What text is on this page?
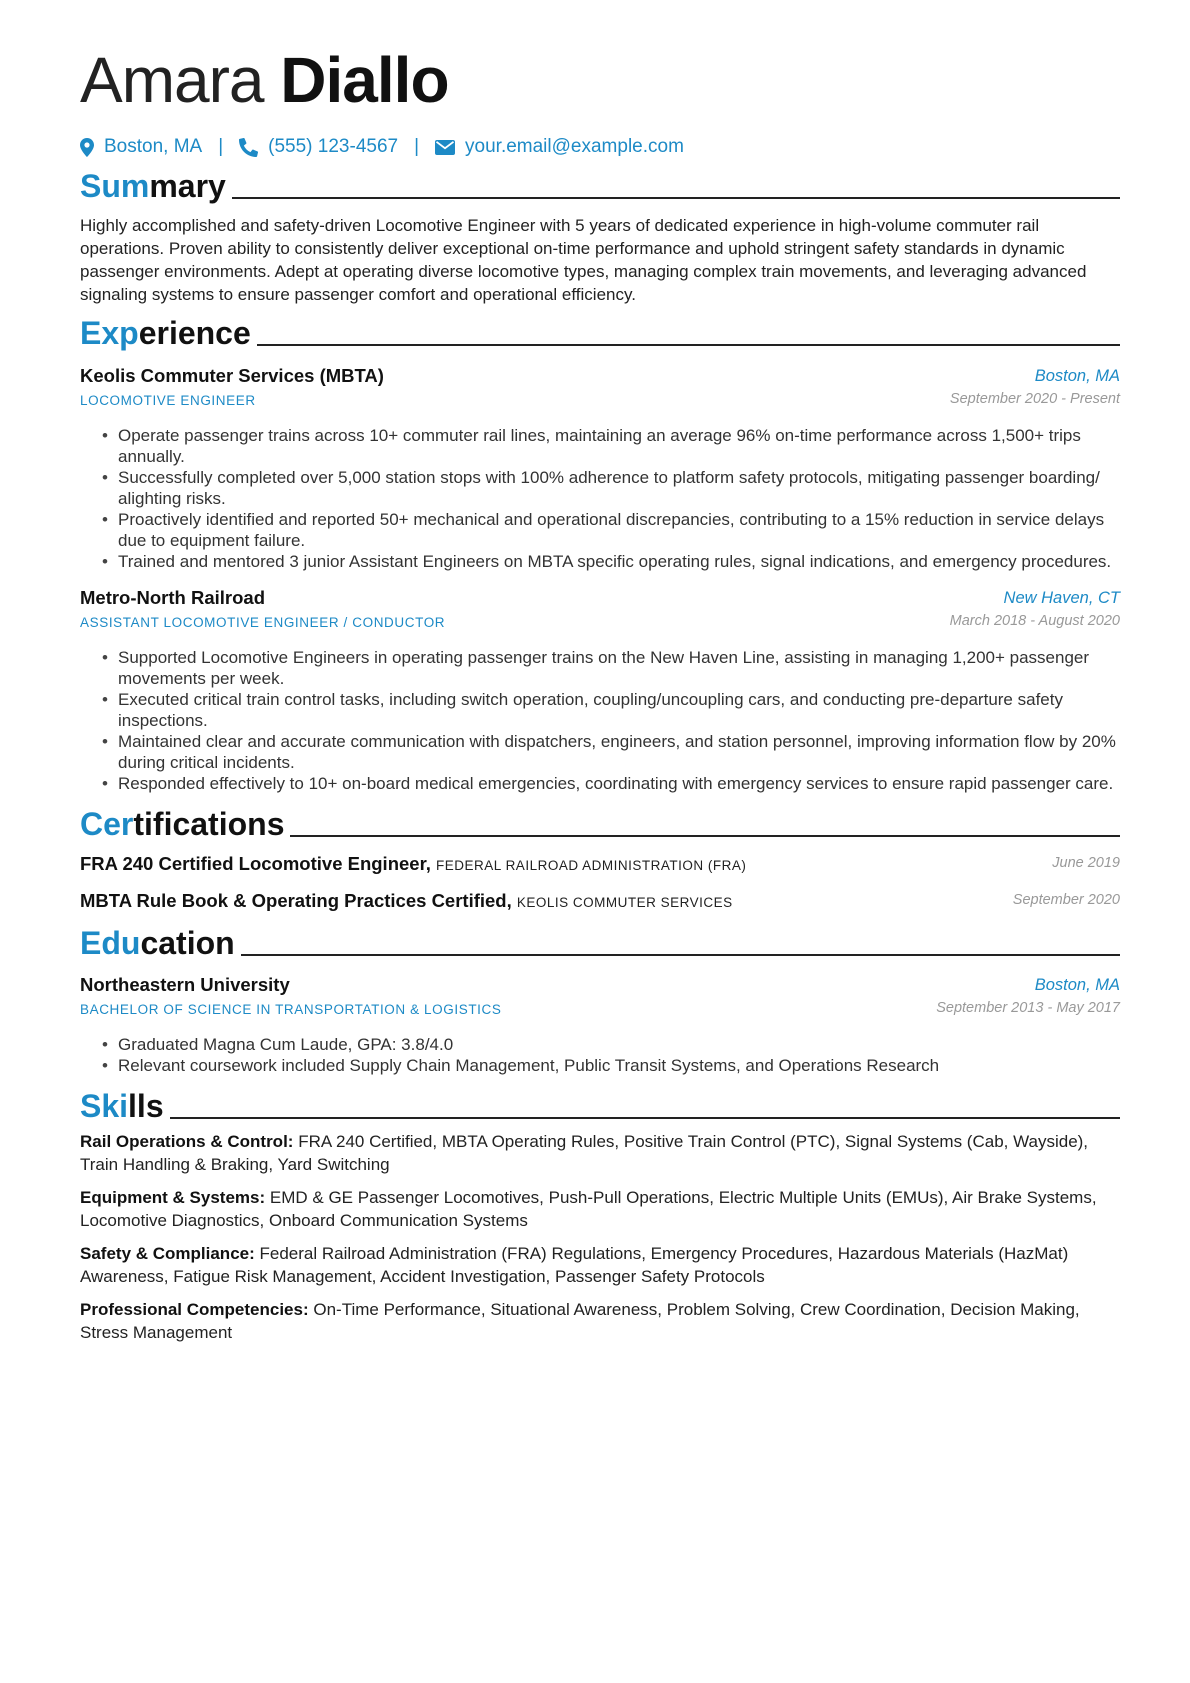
Amara Diallo
Boston, MA | (555) 123-4567 | your.email@example.com
Summary
Highly accomplished and safety-driven Locomotive Engineer with 5 years of dedicated experience in high-volume commuter rail operations. Proven ability to consistently deliver exceptional on-time performance and uphold stringent safety standards in dynamic passenger environments. Adept at operating diverse locomotive types, managing complex train movements, and leveraging advanced signaling systems to ensure passenger comfort and operational efficiency.
Experience
Keolis Commuter Services (MBTA)	Boston, MA
LOCOMOTIVE ENGINEER	September 2020 - Present
• Operate passenger trains across 10+ commuter rail lines, maintaining an average 96% on-time performance across 1,500+ trips annually.
• Successfully completed over 5,000 station stops with 100% adherence to platform safety protocols, mitigating passenger boarding/ alighting risks.
• Proactively identified and reported 50+ mechanical and operational discrepancies, contributing to a 15% reduction in service delays due to equipment failure.
• Trained and mentored 3 junior Assistant Engineers on MBTA specific operating rules, signal indications, and emergency procedures.
Metro-North Railroad	New Haven, CT
ASSISTANT LOCOMOTIVE ENGINEER / CONDUCTOR	March 2018 - August 2020
• Supported Locomotive Engineers in operating passenger trains on the New Haven Line, assisting in managing 1,200+ passenger movements per week.
• Executed critical train control tasks, including switch operation, coupling/uncoupling cars, and conducting pre-departure safety inspections.
• Maintained clear and accurate communication with dispatchers, engineers, and station personnel, improving information flow by 20% during critical incidents.
• Responded effectively to 10+ on-board medical emergencies, coordinating with emergency services to ensure rapid passenger care.
Certifications
FRA 240 Certified Locomotive Engineer, FEDERAL RAILROAD ADMINISTRATION (FRA)	June 2019
MBTA Rule Book & Operating Practices Certified, KEOLIS COMMUTER SERVICES	September 2020
Education
Northeastern University	Boston, MA
BACHELOR OF SCIENCE IN TRANSPORTATION & LOGISTICS	September 2013 - May 2017
• Graduated Magna Cum Laude, GPA: 3.8/4.0
• Relevant coursework included Supply Chain Management, Public Transit Systems, and Operations Research
Skills
Rail Operations & Control: FRA 240 Certified, MBTA Operating Rules, Positive Train Control (PTC), Signal Systems (Cab, Wayside), Train Handling & Braking, Yard Switching
Equipment & Systems: EMD & GE Passenger Locomotives, Push-Pull Operations, Electric Multiple Units (EMUs), Air Brake Systems, Locomotive Diagnostics, Onboard Communication Systems
Safety & Compliance: Federal Railroad Administration (FRA) Regulations, Emergency Procedures, Hazardous Materials (HazMat) Awareness, Fatigue Risk Management, Accident Investigation, Passenger Safety Protocols
Professional Competencies: On-Time Performance, Situational Awareness, Problem Solving, Crew Coordination, Decision Making, Stress Management
